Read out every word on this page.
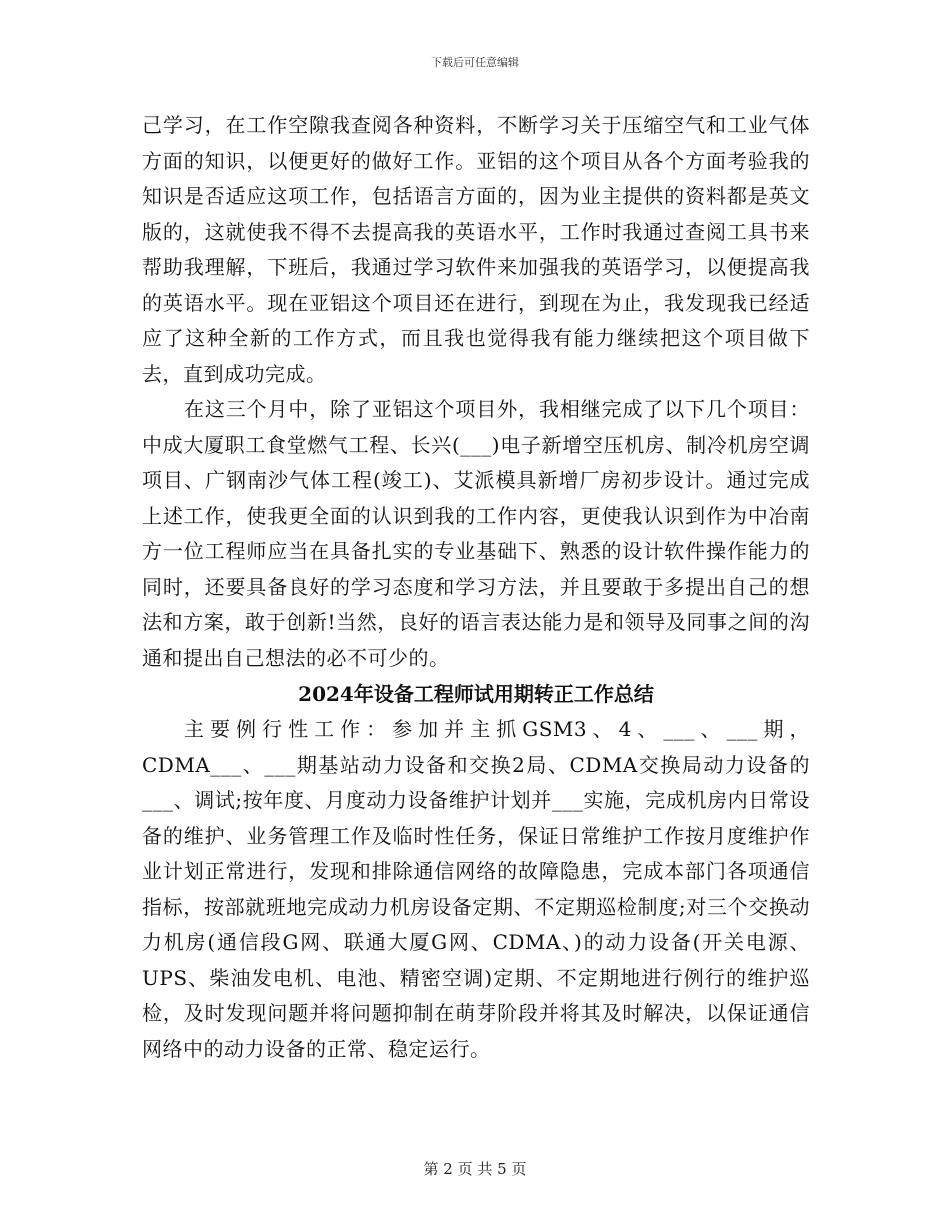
下载后可任意编辑

己学习，在工作空隙我查阅各种资料，不断学习关于压缩空气和工业气体方面的知识，以便更好的做好工作。亚铝的这个项目从各个方面考验我的知识是否适应这项工作，包括语言方面的，因为业主提供的资料都是英文版的，这就使我不得不去提高我的英语水平，工作时我通过查阅工具书来帮助我理解，下班后，我通过学习软件来加强我的英语学习，以便提高我的英语水平。现在亚铝这个项目还在进行，到现在为止，我发现我已经适应了这种全新的工作方式，而且我也觉得我有能力继续把这个项目做下去，直到成功完成。

在这三个月中，除了亚铝这个项目外，我相继完成了以下几个项目：中成大厦职工食堂燃气工程、长兴(___)电子新增空压机房、制冷机房空调项目、广钢南沙气体工程(竣工)、艾派模具新增厂房初步设计。通过完成上述工作，使我更全面的认识到我的工作内容，更使我认识到作为中冶南方一位工程师应当在具备扎实的专业基础下、熟悉的设计软件操作能力的同时，还要具备良好的学习态度和学习方法，并且要敢于多提出自己的想法和方案，敢于创新!当然，良好的语言表达能力是和领导及同事之间的沟通和提出自己想法的必不可少的。

2024年设备工程师试用期转正工作总结

主要例行性工作：参加并主抓GSM3、4、___、___期，CDMA___、___期基站动力设备和交换2局、CDMA交换局动力设备的___、调试;按年度、月度动力设备维护计划并___实施，完成机房内日常设备的维护、业务管理工作及临时性任务，保证日常维护工作按月度维护作业计划正常进行，发现和排除通信网络的故障隐患，完成本部门各项通信指标，按部就班地完成动力机房设备定期、不定期巡检制度;对三个交换动力机房(通信段G网、联通大厦G网、CDMA、)的动力设备(开关电源、UPS、柴油发电机、电池、精密空调)定期、不定期地进行例行的维护巡检，及时发现问题并将问题抑制在萌芽阶段并将其及时解决，以保证通信网络中的动力设备的正常、稳定运行。

第 2 页 共 5 页
